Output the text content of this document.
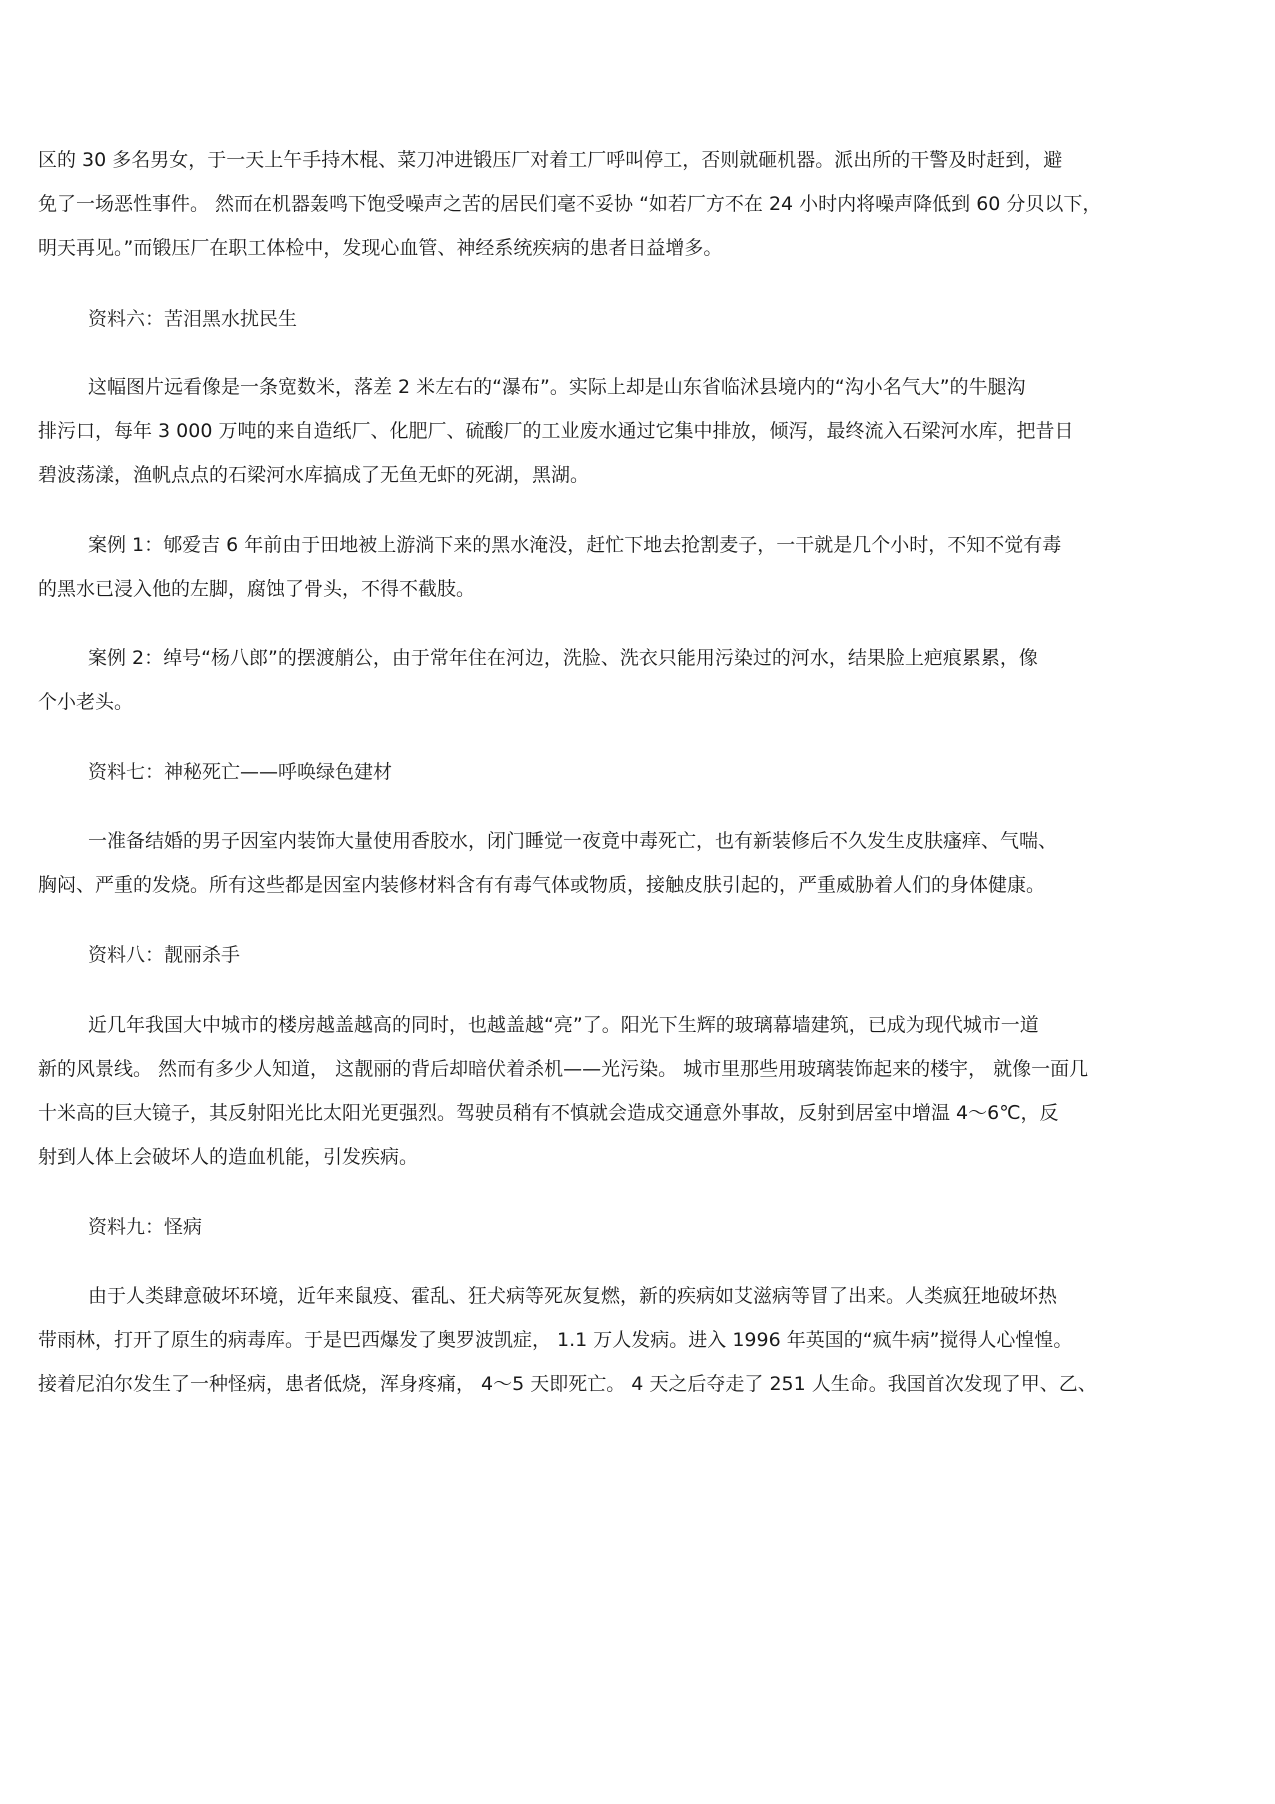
区的 30 多名男女，于一天上午手持木棍、菜刀冲进锻压厂对着工厂呼叫停工，否则就砸机器。派出所的干警及时赶到，避
免了一场恶性事件。 然而在机器轰鸣下饱受噪声之苦的居民们毫不妥协 “如若厂方不在 24 小时内将噪声降低到 60 分贝以下，
明天再见。”而锻压厂在职工体检中，发现心血管、神经系统疾病的患者日益增多。
资料六：苦泪黑水扰民生
这幅图片远看像是一条宽数米，落差 2 米左右的“瀑布”。实际上却是山东省临沭县境内的“沟小名气大”的牛腿沟
排污口，每年 3 000 万吨的来自造纸厂、化肥厂、硫酸厂的工业废水通过它集中排放，倾泻，最终流入石梁河水库，把昔日
碧波荡漾，渔帆点点的石梁河水库搞成了无鱼无虾的死湖，黑湖。
案例 1：郇爱吉 6 年前由于田地被上游淌下来的黑水淹没，赶忙下地去抢割麦子，一干就是几个小时，不知不觉有毒
的黑水已浸入他的左脚，腐蚀了骨头，不得不截肢。
案例 2：绰号“杨八郎”的摆渡艄公，由于常年住在河边，洗脸、洗衣只能用污染过的河水，结果脸上疤痕累累，像
个小老头。
资料七：神秘死亡——呼唤绿色建材
一准备结婚的男子因室内装饰大量使用香胶水，闭门睡觉一夜竟中毒死亡，也有新装修后不久发生皮肤瘙痒、气喘、
胸闷、严重的发烧。所有这些都是因室内装修材料含有有毒气体或物质，接触皮肤引起的，严重威胁着人们的身体健康。
资料八：靓丽杀手
近几年我国大中城市的楼房越盖越高的同时，也越盖越“亮”了。阳光下生辉的玻璃幕墙建筑，已成为现代城市一道
新的风景线。 然而有多少人知道， 这靓丽的背后却暗伏着杀机——光污染。 城市里那些用玻璃装饰起来的楼宇， 就像一面几
十米高的巨大镜子，其反射阳光比太阳光更强烈。驾驶员稍有不慎就会造成交通意外事故，反射到居室中增温 4～6℃，反
射到人体上会破坏人的造血机能，引发疾病。
资料九：怪病
由于人类肆意破坏环境，近年来鼠疫、霍乱、狂犬病等死灰复燃，新的疾病如艾滋病等冒了出来。人类疯狂地破坏热
带雨林，打开了原生的病毒库。于是巴西爆发了奥罗波凯症， 1.1 万人发病。进入 1996 年英国的“疯牛病”搅得人心惶惶。
接着尼泊尔发生了一种怪病，患者低烧，浑身疼痛， 4～5 天即死亡。 4 天之后夺走了 251 人生命。我国首次发现了甲、乙、
